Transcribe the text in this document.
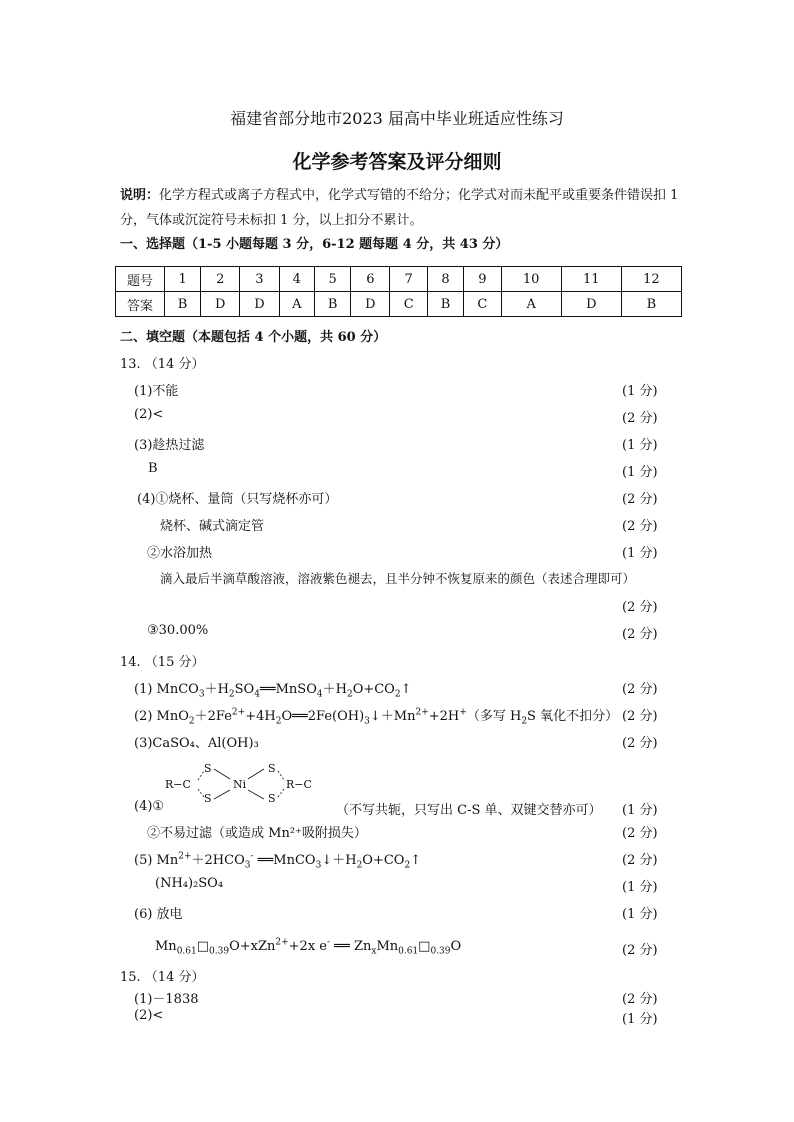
福建省部分地市2023 届高中毕业班适应性练习
化学参考答案及评分细则
说明：化学方程式或离子方程式中，化学式写错的不给分；化学式对而未配平或重要条件错误扣 1 分，气体或沉淀符号未标扣 1 分，以上扣分不累计。
一、选择题（1-5 小题每题 3 分，6-12 题每题 4 分，共 43 分）
题号	1	2	3	4	5	6	7	8	9	10	11	12
答案	B	D	D	A	B	D	C	B	C	A	D	B
二、填空题（本题包括 4 个小题，共 60 分）
13. （14 分）
(1)不能	(1 分)
(2)<	(2 分)
(3)趁热过滤	(1 分)
B	(1 分)
(4)①烧杯、量筒（只写烧杯亦可）	(2 分)
烧杯、碱式滴定管	(2 分)
②水浴加热	(1 分)
滴入最后半滴草酸溶液，溶液紫色褪去，且半分钟不恢复原来的颜色（表述合理即可）
(2 分)
③30.00%	(2 分)
14. （15 分）
(1) $MnCO_3+H_2SO_4══MnSO_4+H_2O+CO_2↑$	(2 分)
(2) $MnO_2+2Fe^{2+}+4H_2O══2Fe(OH)_3↓+Mn^{2+}+2H^+$（多写 $H_2S$ 氧化不扣分） (2 分)
(3)CaSO₄、Al(OH)₃	(2 分)
R−C
S
S
Ni
S
S
R−C
(4)①	（不写共轭，只写出 C-S 单、双键交替亦可） (1 分)
②不易过滤（或造成 Mn²⁺吸附损失）	(2 分)
(5) $Mn^{2+}+2HCO_3^-$ $══MnCO_3↓+H_2O+CO_2↑$	(2 分)
(NH₄)₂SO₄	(1 分)
(6) 放电	(1 分)
$Mn_{0.61}□_{0.39}O+xZn^{2+}+2x$ e- ══ $Zn_xMn_{0.61}□_{0.39}O$	(2 分)
15. （14 分）
(1)－1838	(2 分)
(2)<	(1 分)
